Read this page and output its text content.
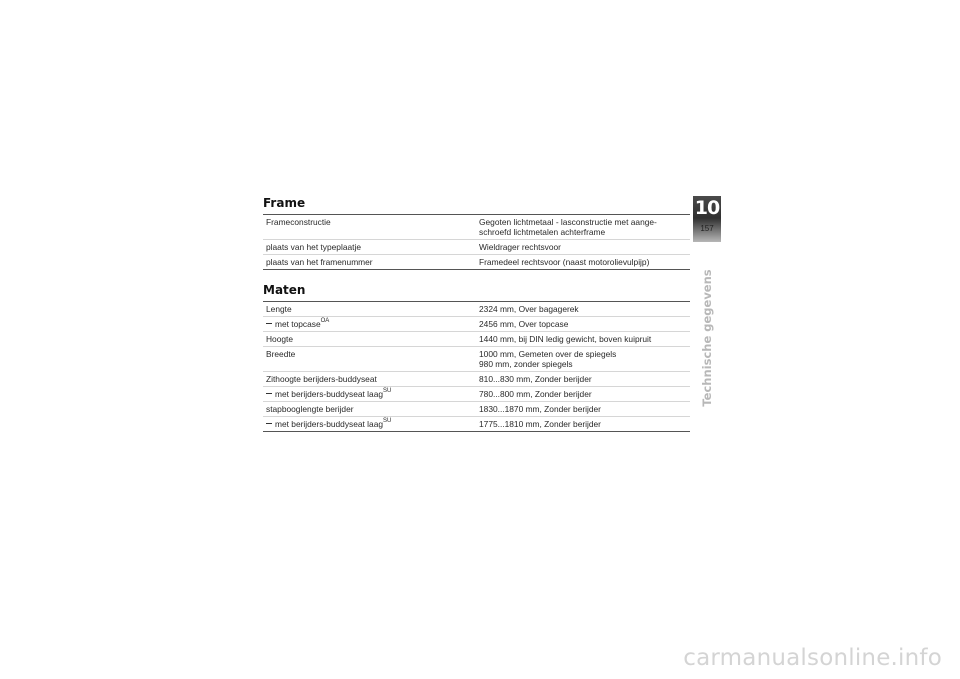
Frame
Frameconstructie	Gegoten lichtmetaal - lasconstructie met aange-
schroefd lichtmetalen achterframe

plaats van het typeplaatje	Wieldrager rechtsvoor
plaats van het framenummer	Framedeel rechtsvoor (naast motorolievulpijp)
Maten
Lengte	2324 mm, Over bagagerek
met topcase$^{OA}$	2456 mm, Over topcase
Hoogte	1440 mm, bij DIN ledig gewicht, boven kuipruit
Breedte	1000 mm, Gemeten over de spiegels
980 mm, zonder spiegels

Zithoogte berijders-buddyseat	810...830 mm, Zonder berijder
met berijders-buddyseat laag$^{SU}$	780...800 mm, Zonder berijder
stapbooglengte berijder	1830...1870 mm, Zonder berijder
met berijders-buddyseat laag$^{SU}$	1775...1810 mm, Zonder berijder
10
157
Technische gegevens
carmanualsonline.info
